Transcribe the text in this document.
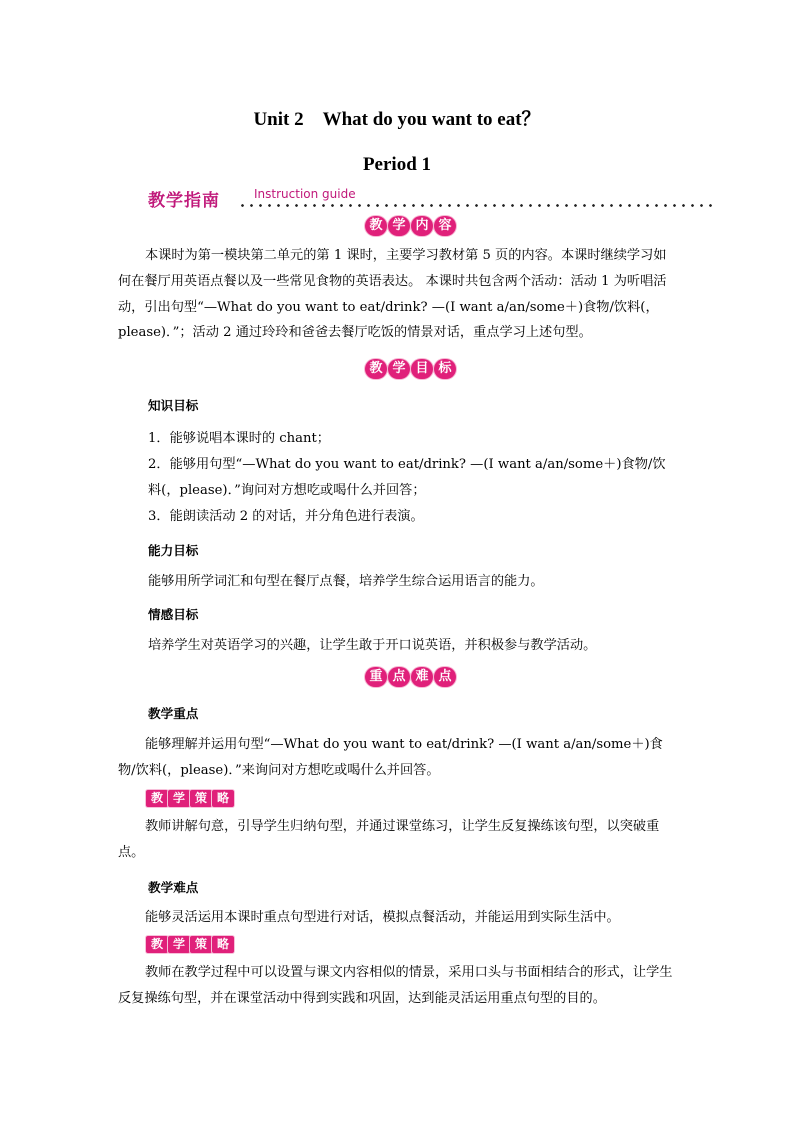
Unit 2　What do you want to eat？
Period 1
教学指南	Instruction guide
教 学 内 容
本课时为第一模块第二单元的第 1 课时，主要学习教材第 5 页的内容。本课时继续学习如何在餐厅用英语点餐以及一些常见食物的英语表达。 本课时共包含两个活动：活动 1 为听唱活动，引出句型“—What do you want to eat/drink? —(I want a/an/some＋)食物/饮料(，please)．”；活动 2 通过玲玲和爸爸去餐厅吃饭的情景对话，重点学习上述句型。
教 学 目 标
知识目标
1．能够说唱本课时的 chant；
2．能够用句型“—What do you want to eat/drink? —(I want a/an/some＋)食物/饮料(，please)．”询问对方想吃或喝什么并回答；
3．能朗读活动 2 的对话，并分角色进行表演。
能力目标
能够用所学词汇和句型在餐厅点餐，培养学生综合运用语言的能力。
情感目标
培养学生对英语学习的兴趣，让学生敢于开口说英语，并积极参与教学活动。
重 点 难 点
教学重点
能够理解并运用句型“—What do you want to eat/drink? —(I want a/an/some＋)食物/饮料(，please)．”来询问对方想吃或喝什么并回答。
教 学 策 略
教师讲解句意，引导学生归纳句型，并通过课堂练习，让学生反复操练该句型，以突破重点。
教学难点
能够灵活运用本课时重点句型进行对话，模拟点餐活动，并能运用到实际生活中。
教 学 策 略
教师在教学过程中可以设置与课文内容相似的情景，采用口头与书面相结合的形式，让学生反复操练句型，并在课堂活动中得到实践和巩固，达到能灵活运用重点句型的目的。
